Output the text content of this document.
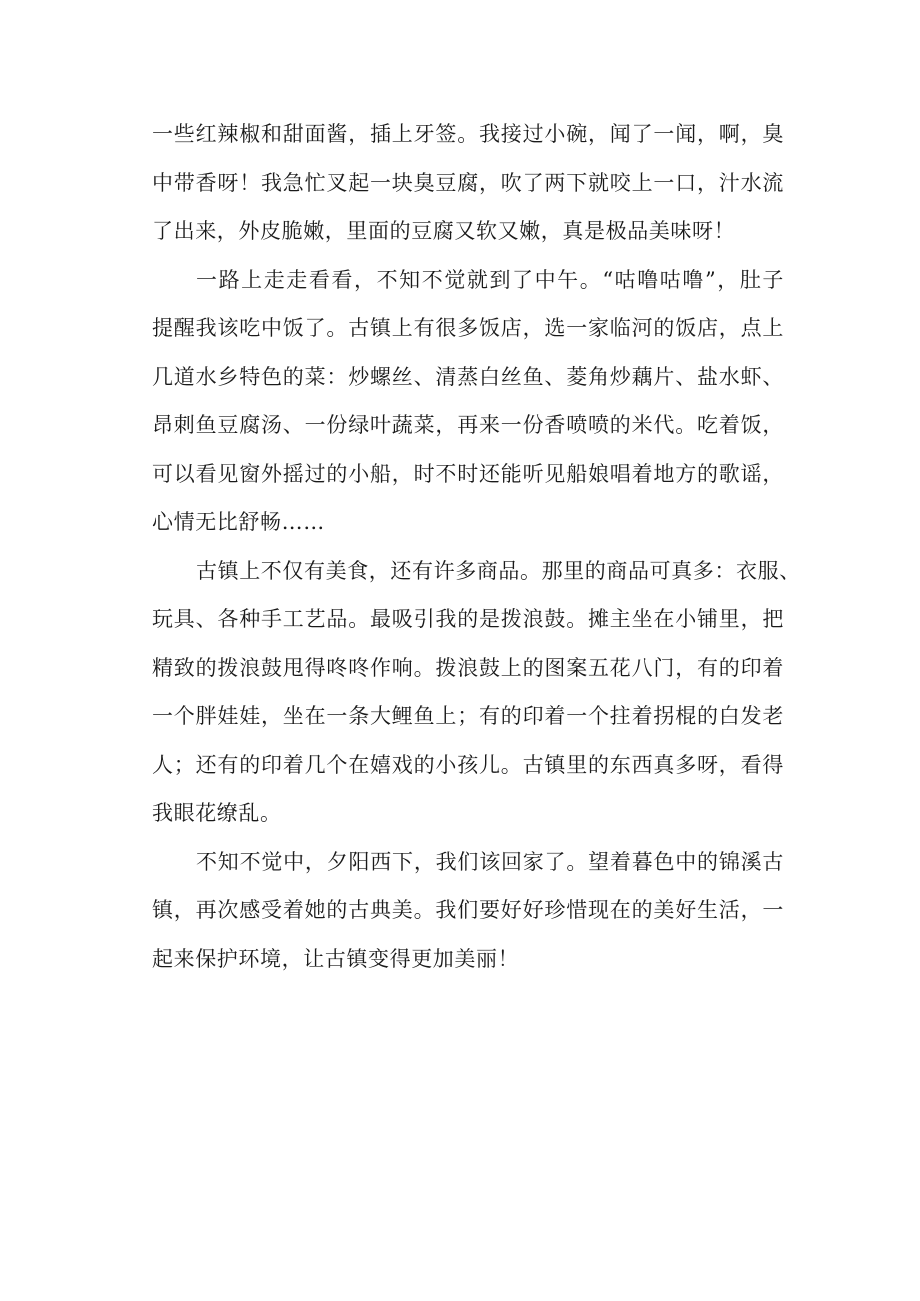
一些红辣椒和甜面酱，插上牙签。我接过小碗，闻了一闻，啊，臭
中带香呀！我急忙叉起一块臭豆腐，吹了两下就咬上一口，汁水流
了出来，外皮脆嫩，里面的豆腐又软又嫩，真是极品美味呀！
一路上走走看看，不知不觉就到了中午。“咕噜咕噜”，肚子
提醒我该吃中饭了。古镇上有很多饭店，选一家临河的饭店，点上
几道水乡特色的菜：炒螺丝、清蒸白丝鱼、菱角炒藕片、盐水虾、
昂刺鱼豆腐汤、一份绿叶蔬菜，再来一份香喷喷的米代。吃着饭，
可以看见窗外摇过的小船，时不时还能听见船娘唱着地方的歌谣，
心情无比舒畅……
古镇上不仅有美食，还有许多商品。那里的商品可真多：衣服、
玩具、各种手工艺品。最吸引我的是拨浪鼓。摊主坐在小铺里，把
精致的拨浪鼓甩得咚咚作响。拨浪鼓上的图案五花八门，有的印着
一个胖娃娃，坐在一条大鲤鱼上；有的印着一个拄着拐棍的白发老
人；还有的印着几个在嬉戏的小孩儿。古镇里的东西真多呀，看得
我眼花缭乱。
不知不觉中，夕阳西下，我们该回家了。望着暮色中的锦溪古
镇，再次感受着她的古典美。我们要好好珍惜现在的美好生活，一
起来保护环境，让古镇变得更加美丽！
